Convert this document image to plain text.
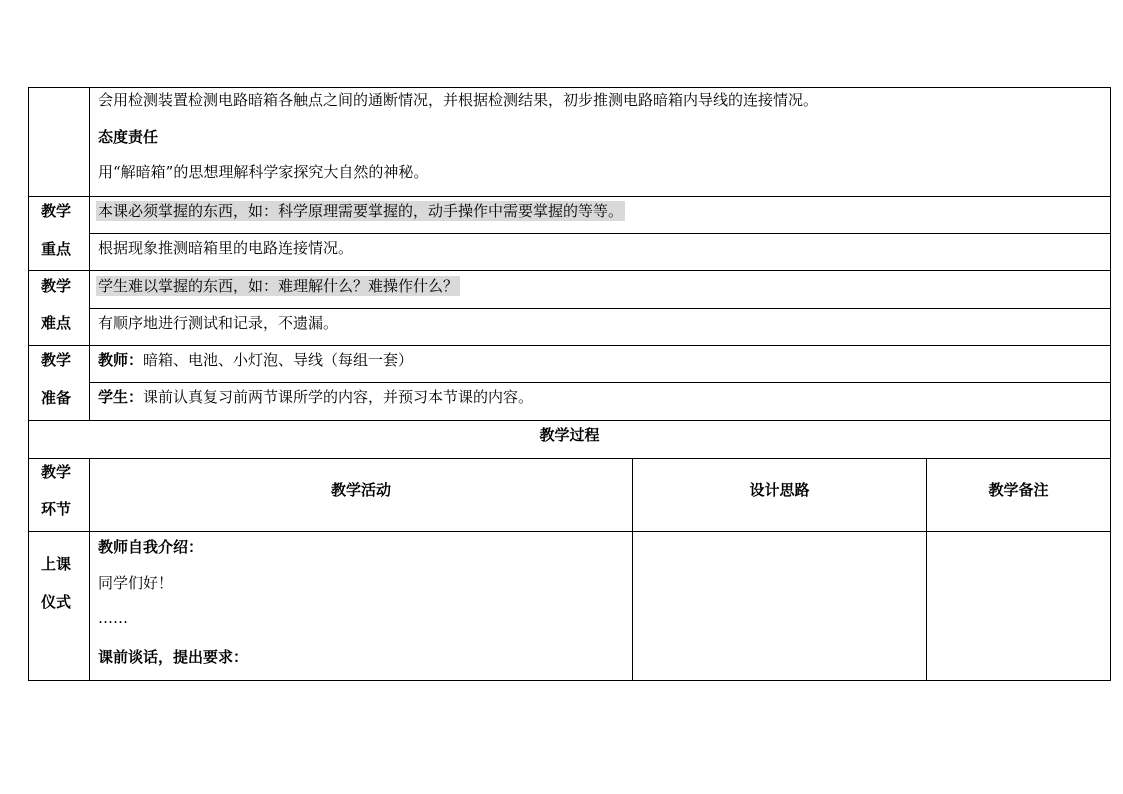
会用检测装置检测电路暗箱各触点之间的通断情况，并根据检测结果，初步推测电路暗箱内导线的连接情况。
态度责任
用“解暗箱”的思想理解科学家探究大自然的神秘。
教学
重点
本课必须掌握的东西，如：科学原理需要掌握的，动手操作中需要掌握的等等。
根据现象推测暗箱里的电路连接情况。
教学
难点
学生难以掌握的东西，如：难理解什么？难操作什么？
有顺序地进行测试和记录，不遗漏。
教学
准备
教师：暗箱、电池、小灯泡、导线（每组一套）
学生：课前认真复习前两节课所学的内容，并预习本节课的内容。
教学过程
教学
环节
教学活动	设计思路	教学备注
上课
仪式
教师自我介绍：
同学们好！
……
课前谈话，提出要求：
